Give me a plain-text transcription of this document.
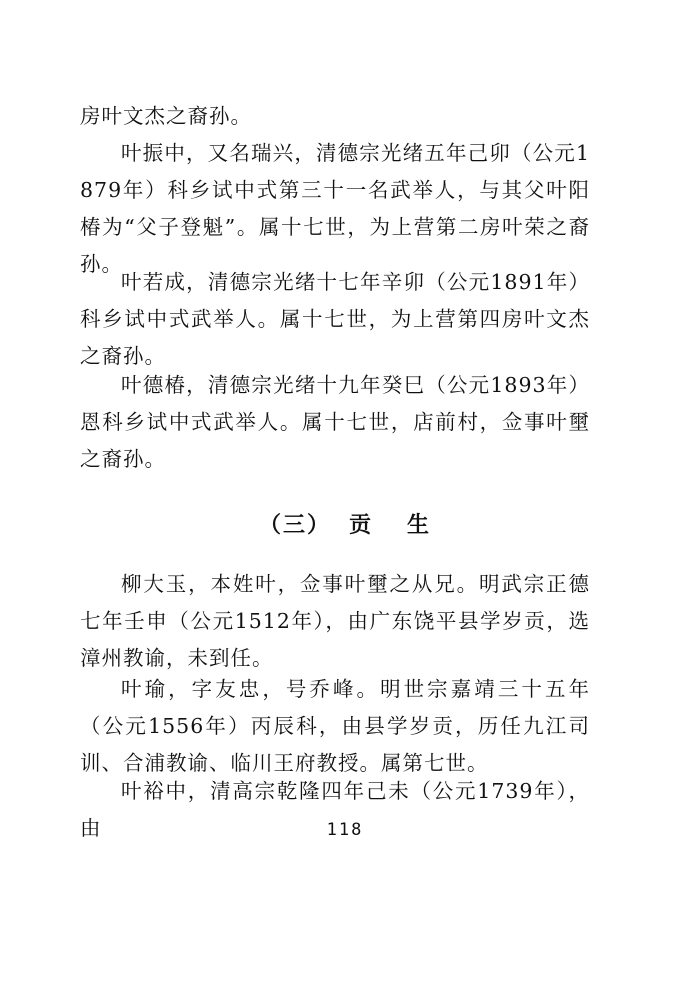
房叶文杰之裔孙。

叶振中，又名瑞兴，清德宗光绪五年己卯（公元1879年）科乡试中式第三十一名武举人，与其父叶阳椿为“父子登魁”。属十七世，为上营第二房叶荣之裔孙。

叶若成，清德宗光绪十七年辛卯（公元1891年）科乡试中式武举人。属十七世，为上营第四房叶文杰之裔孙。

叶德椿，清德宗光绪十九年癸巳（公元1893年）恩科乡试中式武举人。属十七世，店前村，佥事叶壐之裔孙。

（三） 贡 生

柳大玉，本姓叶，佥事叶壐之从兄。明武宗正德七年壬申（公元1512年），由广东饶平县学岁贡，选漳州教谕，未到任。

叶瑜，字友忠，号乔峰。明世宗嘉靖三十五年（公元1556年）丙辰科，由县学岁贡，历任九江司训、合浦教谕、临川王府教授。属第七世。

叶裕中，清高宗乾隆四年己未（公元1739年），由	118
